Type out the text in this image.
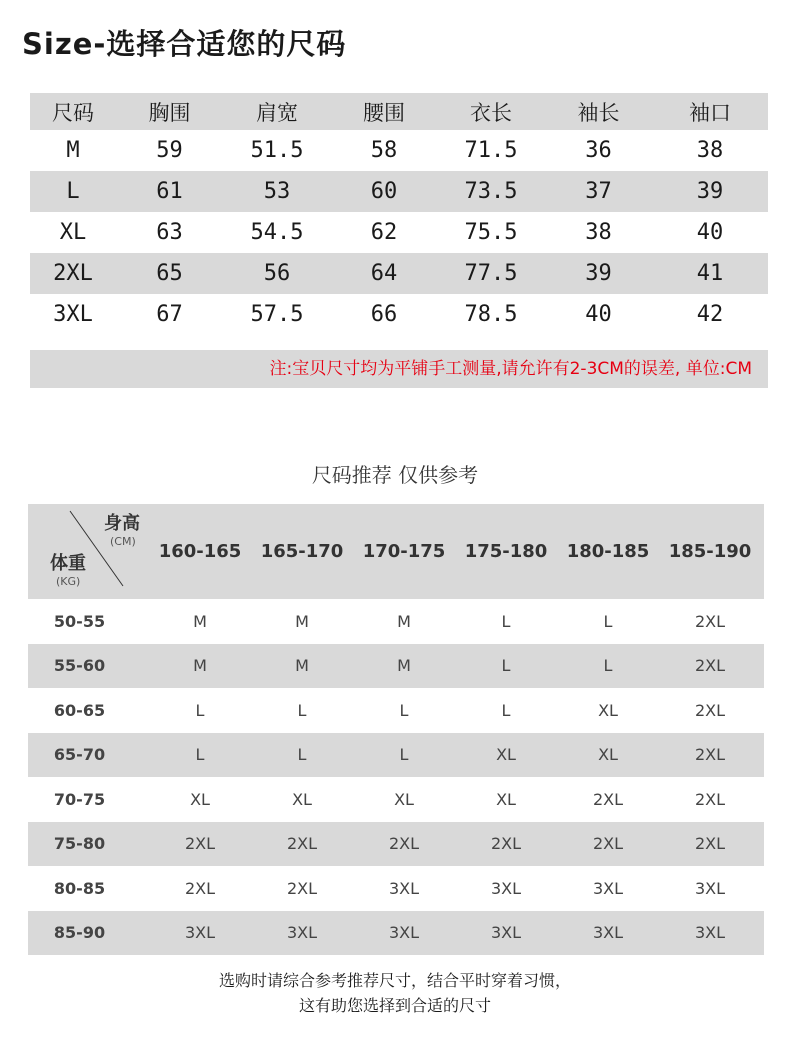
Size-选择合适您的尺码
尺码	胸围	肩宽	腰围	衣长	袖长	袖口
M	59	51.5	58	71.5	36	38
L	61	53	60	73.5	37	39
XL	63	54.5	62	75.5	38	40
2XL	65	56	64	77.5	39	41
3XL	67	57.5	66	78.5	40	42
注:宝贝尺寸均为平铺手工测量,请允许有2-3CM的误差, 单位:CM
尺码推荐 仅供参考
身高
(CM)
体重
(KG)
160-165	165-170	170-175	175-180	180-185	185-190
50-55	M	M	M	L	L	2XL
55-60	M	M	M	L	L	2XL
60-65	L	L	L	L	XL	2XL
65-70	L	L	L	XL	XL	2XL
70-75	XL	XL	XL	XL	2XL	2XL
75-80	2XL	2XL	2XL	2XL	2XL	2XL
80-85	2XL	2XL	3XL	3XL	3XL	3XL
85-90	3XL	3XL	3XL	3XL	3XL	3XL
选购时请综合参考推荐尺寸，结合平时穿着习惯，
这有助您选择到合适的尺寸
